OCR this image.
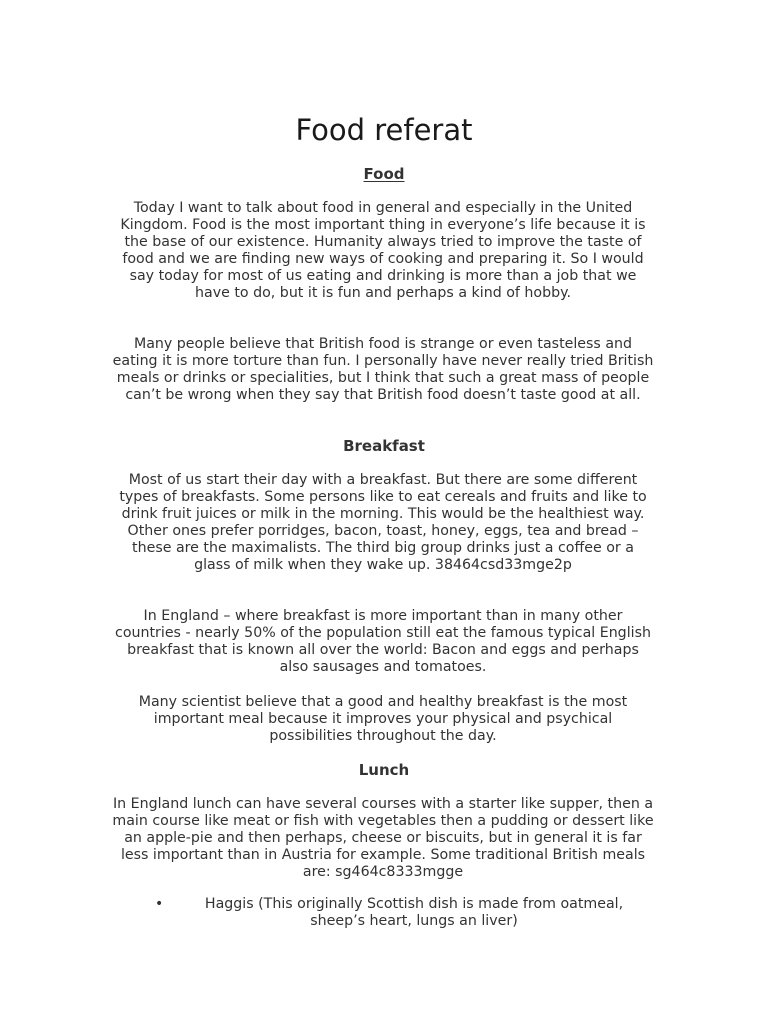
Food referat
Food

Today I want to talk about food in general and especially in the United Kingdom. Food is the most important thing in everyone’s life because it is the base of our existence. Humanity always tried to improve the taste of food and we are finding new ways of cooking and preparing it. So I would say today for most of us eating and drinking is more than a job that we have to do, but it is fun and perhaps a kind of hobby.

Many people believe that British food is strange or even tasteless and eating it is more torture than fun. I personally have never really tried British meals or drinks or specialities, but I think that such a great mass of people can’t be wrong when they say that British food doesn’t taste good at all.

Breakfast

Most of us start their day with a breakfast. But there are some different types of breakfasts. Some persons like to eat cereals and fruits and like to drink fruit juices or milk in the morning. This would be the healthiest way. Other ones prefer porridges, bacon, toast, honey, eggs, tea and bread – these are the maximalists. The third big group drinks just a coffee or a glass of milk when they wake up. 38464csd33mge2p

In England – where breakfast is more important than in many other countries - nearly 50% of the population still eat the famous typical English breakfast that is known all over the world: Bacon and eggs and perhaps also sausages and tomatoes.

Many scientist believe that a good and healthy breakfast is the most important meal because it improves your physical and psychical possibilities throughout the day.

Lunch

In England lunch can have several courses with a starter like supper, then a main course like meat or fish with vegetables then a pudding or dessert like an apple-pie and then perhaps, cheese or biscuits, but in general it is far less important than in Austria for example. Some traditional British meals are: sg464c8333mgge

•	Haggis (This originally Scottish dish is made from oatmeal, sheep’s heart, lungs an liver)
